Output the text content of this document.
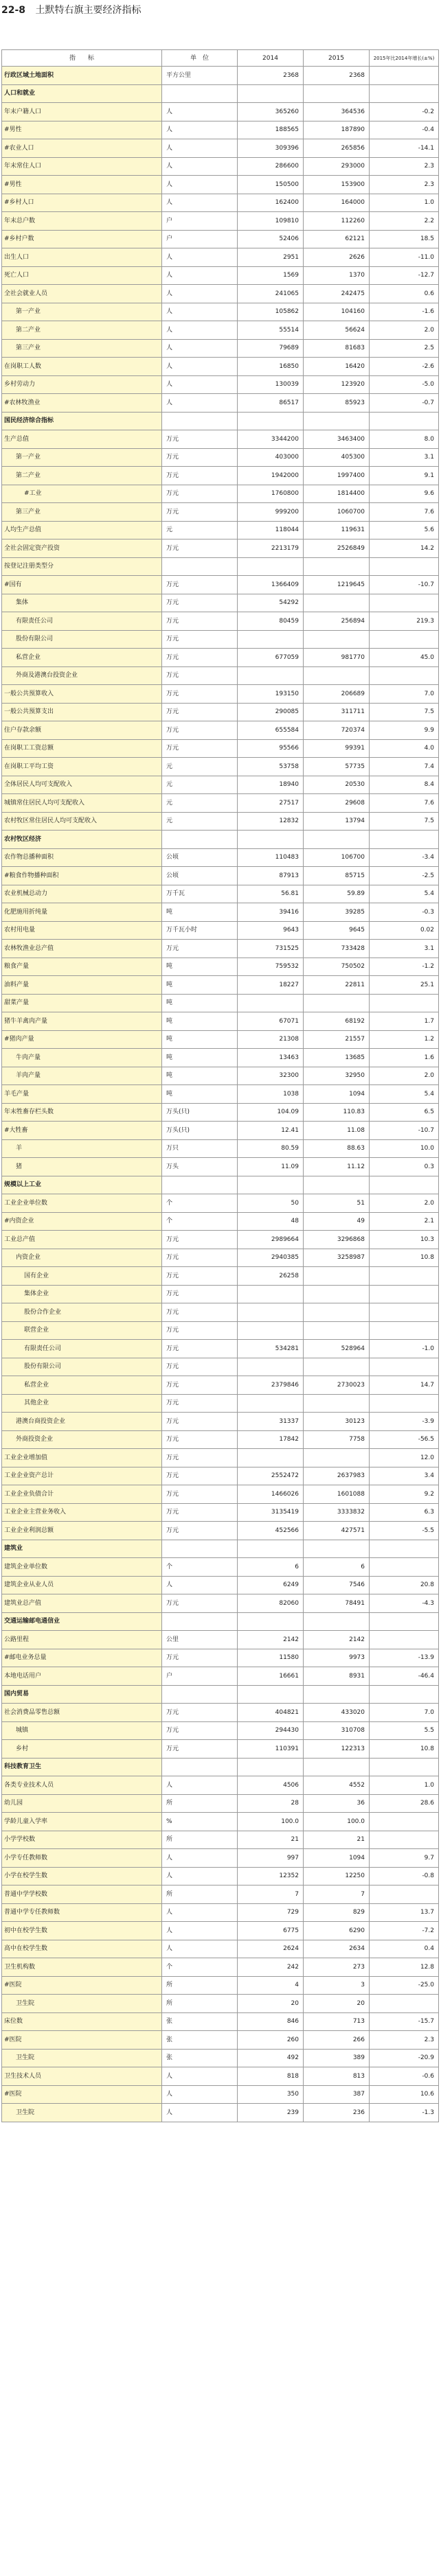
22-8 土默特右旗主要经济指标
指　　标	单　位	2014	2015	2015年比2014年增长(±%)
行政区域土地面积	平方公里	2368	2368	
人口和就业				
年末户籍人口	人	365260	364536	-0.2
#男性	人	188565	187890	-0.4
#农业人口	人	309396	265856	-14.1
年末常住人口	人	286600	293000	2.3
#男性	人	150500	153900	2.3
#乡村人口	人	162400	164000	1.0
年末总户数	户	109810	112260	2.2
#乡村户数	户	52406	62121	18.5
出生人口	人	2951	2626	-11.0
死亡人口	人	1569	1370	-12.7
全社会就业人员	人	241065	242475	0.6
第一产业	人	105862	104160	-1.6
第二产业	人	55514	56624	2.0
第三产业	人	79689	81683	2.5
在岗职工人数	人	16850	16420	-2.6
乡村劳动力	人	130039	123920	-5.0
#农林牧渔业	人	86517	85923	-0.7
国民经济综合指标				
生产总值	万元	3344200	3463400	8.0
第一产业	万元	403000	405300	3.1
第二产业	万元	1942000	1997400	9.1
#工业	万元	1760800	1814400	9.6
第三产业	万元	999200	1060700	7.6
人均生产总值	元	118044	119631	5.6
全社会固定资产投资	万元	2213179	2526849	14.2
按登记注册类型分				
#国有	万元	1366409	1219645	-10.7
集体	万元	54292		
有限责任公司	万元	80459	256894	219.3
股份有限公司	万元			
私营企业	万元	677059	981770	45.0
外商及港澳台投资企业	万元			
一般公共预算收入	万元	193150	206689	7.0
一般公共预算支出	万元	290085	311711	7.5
住户存款余额	万元	655584	720374	9.9
在岗职工工资总额	万元	95566	99391	4.0
在岗职工平均工资	元	53758	57735	7.4
全体居民人均可支配收入	元	18940	20530	8.4
城镇常住居民人均可支配收入	元	27517	29608	7.6
农村牧区常住居民人均可支配收入	元	12832	13794	7.5
农村牧区经济				
农作物总播种面积	公顷	110483	106700	-3.4
#粮食作物播种面积	公顷	87913	85715	-2.5
农业机械总动力	万千瓦	56.81	59.89	5.4
化肥施用折纯量	吨	39416	39285	-0.3
农村用电量	万千瓦小时	9643	9645	0.02
农林牧渔业总产值	万元	731525	733428	3.1
粮食产量	吨	759532	750502	-1.2
油料产量	吨	18227	22811	25.1
甜菜产量	吨			
猪牛羊禽肉产量	吨	67071	68192	1.7
#猪肉产量	吨	21308	21557	1.2
牛肉产量	吨	13463	13685	1.6
羊肉产量	吨	32300	32950	2.0
羊毛产量	吨	1038	1094	5.4
年末牲畜存栏头数	万头(只)	104.09	110.83	6.5
#大牲畜	万头(只)	12.41	11.08	-10.7
羊	万只	80.59	88.63	10.0
猪	万头	11.09	11.12	0.3
规模以上工业				
工业企业单位数	个	50	51	2.0
#内资企业	个	48	49	2.1
工业总产值	万元	2989664	3296868	10.3
内资企业	万元	2940385	3258987	10.8
国有企业	万元	26258		
集体企业	万元			
股份合作企业	万元			
联营企业	万元			
有限责任公司	万元	534281	528964	-1.0
股份有限公司	万元			
私营企业	万元	2379846	2730023	14.7
其他企业	万元			
港澳台商投资企业	万元	31337	30123	-3.9
外商投资企业	万元	17842	7758	-56.5
工业企业增加值	万元			12.0
工业企业资产总计	万元	2552472	2637983	3.4
工业企业负债合计	万元	1466026	1601088	9.2
工业企业主营业务收入	万元	3135419	3333832	6.3
工业企业利润总额	万元	452566	427571	-5.5
建筑业				
建筑企业单位数	个	6	6	
建筑企业从业人员	人	6249	7546	20.8
建筑业总产值	万元	82060	78491	-4.3
交通运输邮电通信业				
公路里程	公里	2142	2142	
#邮电业务总量	万元	11580	9973	-13.9
本地电话用户	户	16661	8931	-46.4
国内贸易				
社会消费品零售总额	万元	404821	433020	7.0
城镇	万元	294430	310708	5.5
乡村	万元	110391	122313	10.8
科技教育卫生				
各类专业技术人员	人	4506	4552	1.0
幼儿园	所	28	36	28.6
学龄儿童入学率	%	100.0	100.0	
小学学校数	所	21	21	
小学专任教师数	人	997	1094	9.7
小学在校学生数	人	12352	12250	-0.8
普通中学学校数	所	7	7	
普通中学专任教师数	人	729	829	13.7
初中在校学生数	人	6775	6290	-7.2
高中在校学生数	人	2624	2634	0.4
卫生机构数	个	242	273	12.8
#医院	所	4	3	-25.0
卫生院	所	20	20	
床位数	张	846	713	-15.7
#医院	张	260	266	2.3
卫生院	张	492	389	-20.9
卫生技术人员	人	818	813	-0.6
#医院	人	350	387	10.6
卫生院	人	239	236	-1.3
